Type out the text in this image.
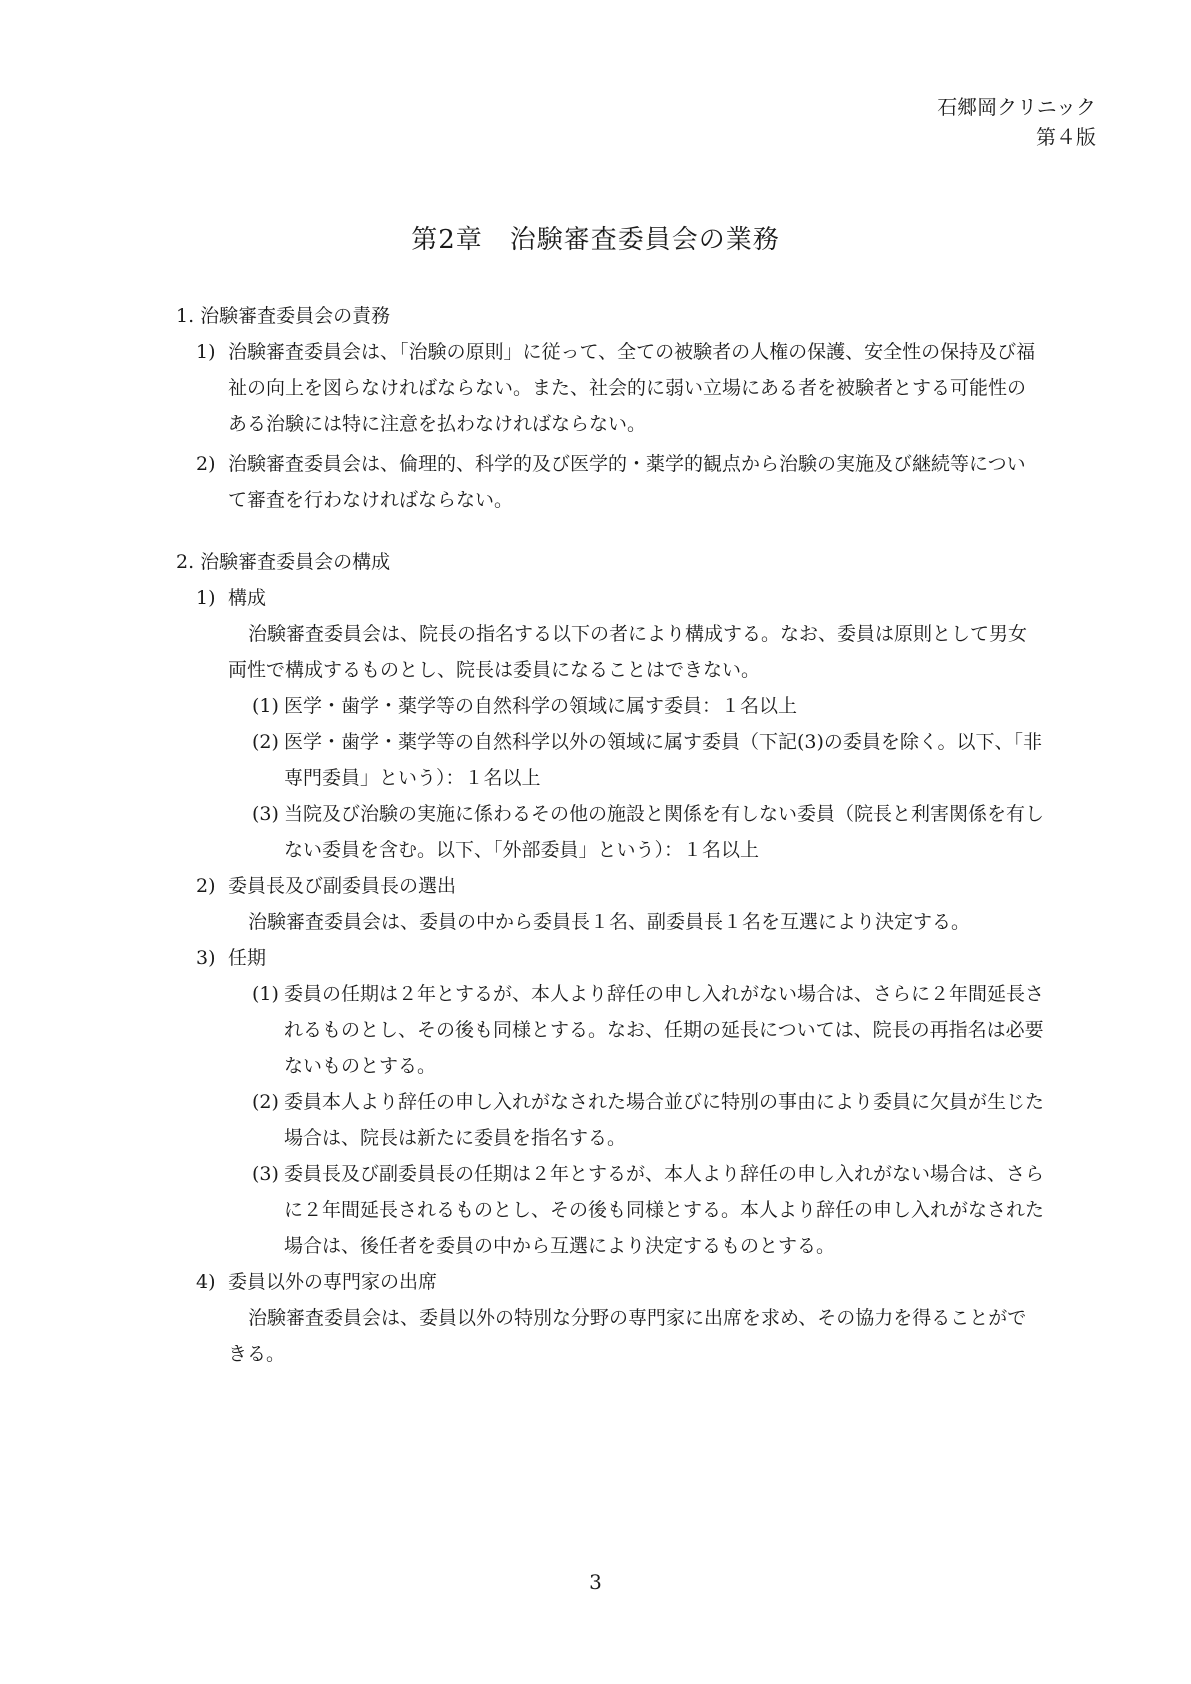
石郷岡クリニック
第４版
第2章　治験審査委員会の業務
1. 治験審査委員会の責務
1) 治験審査委員会は、「治験の原則」に従って、全ての被験者の人権の保護、安全性の保持及び福
祉の向上を図らなければならない。また、社会的に弱い立場にある者を被験者とする可能性の
ある治験には特に注意を払わなければならない。
2) 治験審査委員会は、倫理的、科学的及び医学的・薬学的観点から治験の実施及び継続等につい
て審査を行わなければならない。
2. 治験審査委員会の構成
1) 構成
治験審査委員会は、院長の指名する以下の者により構成する。なお、委員は原則として男女
両性で構成するものとし、院長は委員になることはできない。
(1) 医学・歯学・薬学等の自然科学の領域に属す委員：１名以上
(2) 医学・歯学・薬学等の自然科学以外の領域に属す委員（下記(3)の委員を除く。以下、「非
専門委員」という）：１名以上
(3) 当院及び治験の実施に係わるその他の施設と関係を有しない委員（院長と利害関係を有し
ない委員を含む。以下、「外部委員」という）：１名以上
2) 委員長及び副委員長の選出
治験審査委員会は、委員の中から委員長１名、副委員長１名を互選により決定する。
3) 任期
(1) 委員の任期は２年とするが、本人より辞任の申し入れがない場合は、さらに２年間延長さ
れるものとし、その後も同様とする。なお、任期の延長については、院長の再指名は必要
ないものとする。
(2) 委員本人より辞任の申し入れがなされた場合並びに特別の事由により委員に欠員が生じた
場合は、院長は新たに委員を指名する。
(3) 委員長及び副委員長の任期は２年とするが、本人より辞任の申し入れがない場合は、さら
に２年間延長されるものとし、その後も同様とする。本人より辞任の申し入れがなされた
場合は、後任者を委員の中から互選により決定するものとする。
4) 委員以外の専門家の出席
治験審査委員会は、委員以外の特別な分野の専門家に出席を求め、その協力を得ることがで
きる。
3
